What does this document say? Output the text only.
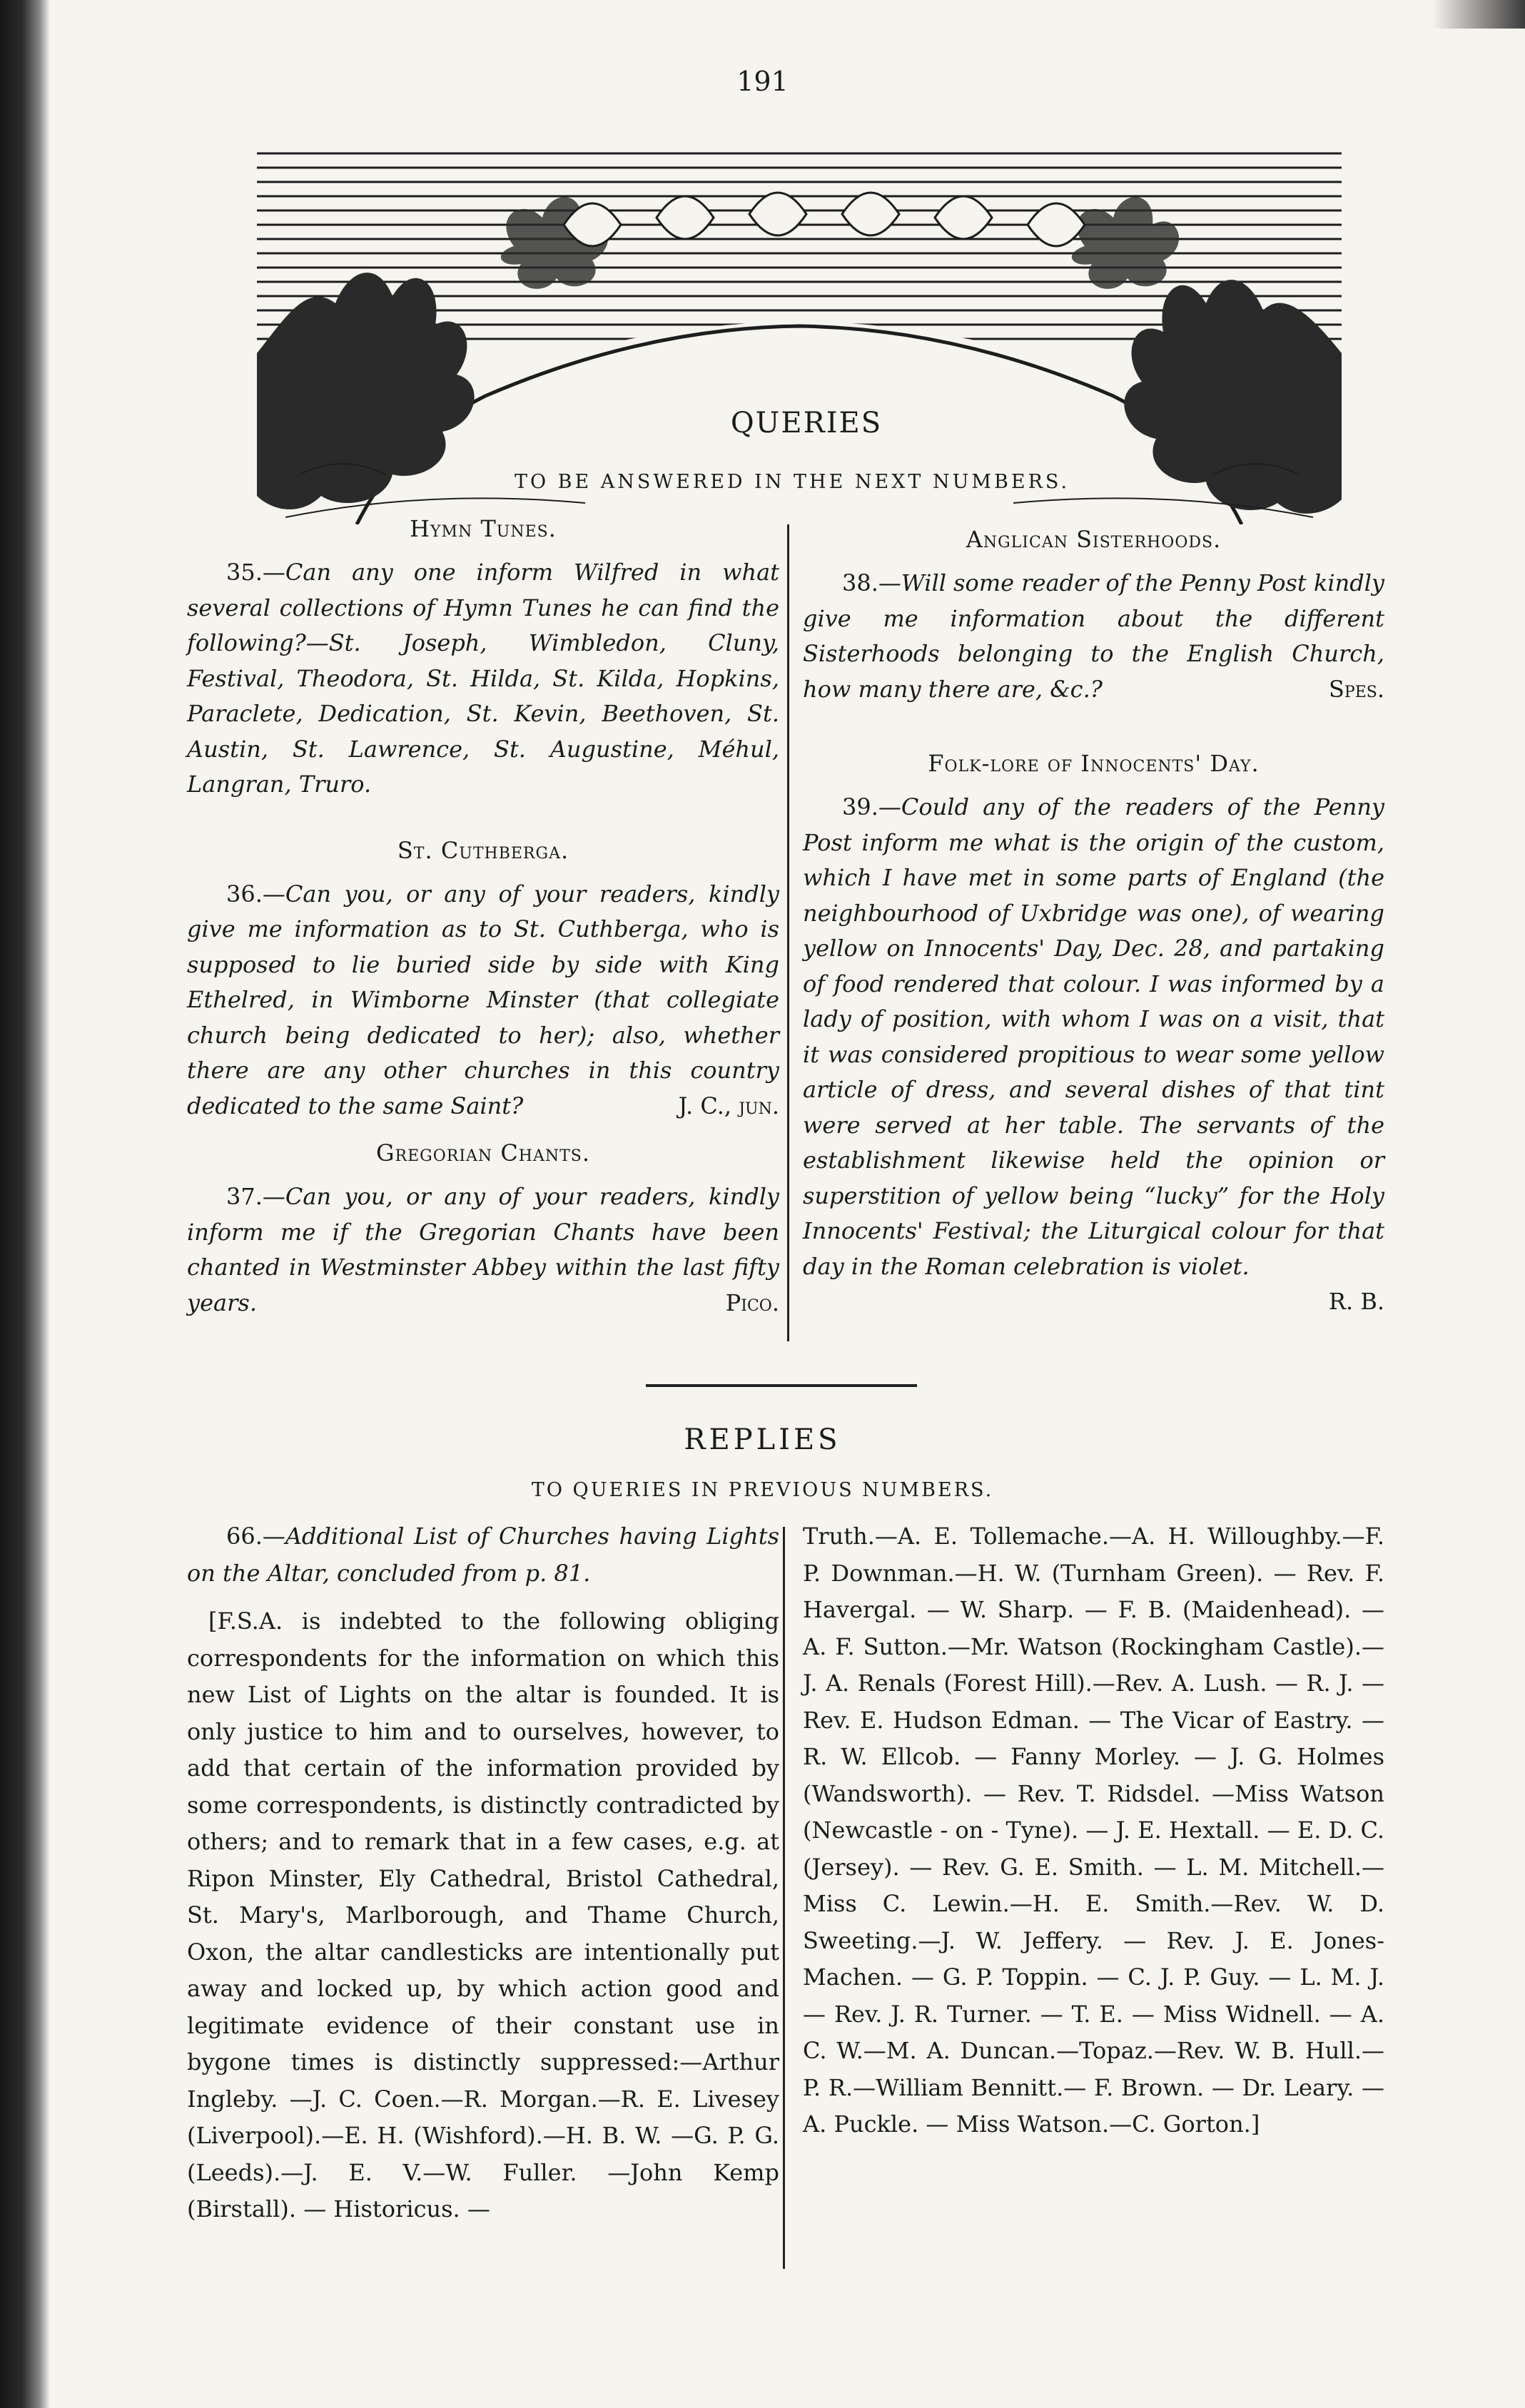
191
QUERIES
TO BE ANSWERED IN THE NEXT NUMBERS.
Hymn Tunes.

35.—Can any one inform Wilfred in what several collections of Hymn Tunes he can find the following?—St. Joseph, Wimbledon, Cluny, Festival, Theodora, St. Hilda, St. Kilda, Hopkins, Paraclete, Dedication, St. Kevin, Beethoven, St. Austin, St. Lawrence, St. Augustine, Méhul, Langran, Truro.

St. Cuthberga.

36.—Can you, or any of your readers, kindly give me information as to St. Cuthberga, who is supposed to lie buried side by side with King Ethelred, in Wimborne Minster (that collegiate church being dedicated to her); also, whether there are any other churches in this country dedicated to the same Saint?	J. C., jun.

Gregorian Chants.

37.—Can you, or any of your readers, kindly inform me if the Gregorian Chants have been chanted in Westminster Abbey within the last fifty years.	Pico.

Anglican Sisterhoods.

38.—Will some reader of the Penny Post kindly give me information about the different Sisterhoods belonging to the English Church, how many there are, &c.?	Spes.

Folk-lore of Innocents' Day.

39.—Could any of the readers of the Penny Post inform me what is the origin of the custom, which I have met in some parts of England (the neighbourhood of Uxbridge was one), of wearing yellow on Innocents' Day, Dec. 28, and partaking of food rendered that colour. I was informed by a lady of position, with whom I was on a visit, that it was considered propitious to wear some yellow article of dress, and several dishes of that tint were served at her table. The servants of the establishment likewise held the opinion or superstition of yellow being “lucky” for the Holy Innocents' Festival; the Liturgical colour for that day in the Roman celebration is violet.

R. B.

REPLIES
TO QUERIES IN PREVIOUS NUMBERS.

66.—Additional List of Churches having Lights on the Altar, concluded from p. 81.

[F.S.A. is indebted to the following obliging correspondents for the information on which this new List of Lights on the altar is founded. It is only justice to him and to ourselves, however, to add that certain of the information provided by some correspondents, is distinctly contradicted by others; and to remark that in a few cases, e.g. at Ripon Minster, Ely Cathedral, Bristol Cathedral, St. Mary's, Marlborough, and Thame Church, Oxon, the altar candlesticks are intentionally put away and locked up, by which action good and legitimate evidence of their constant use in bygone times is distinctly suppressed:—Arthur Ingleby. —J. C. Coen.—R. Morgan.—R. E. Livesey (Liverpool).—E. H. (Wishford).—H. B. W. —G. P. G. (Leeds).—J. E. V.—W. Fuller. —John Kemp (Birstall). — Historicus. —

Truth.—A. E. Tollemache.—A. H. Willoughby.—F. P. Downman.—H. W. (Turnham Green). — Rev. F. Havergal. — W. Sharp. — F. B. (Maidenhead). — A. F. Sutton.—Mr. Watson (Rockingham Castle).— J. A. Renals (Forest Hill).—Rev. A. Lush. — R. J. — Rev. E. Hudson Edman. — The Vicar of Eastry. — R. W. Ellcob. — Fanny Morley. — J. G. Holmes (Wandsworth). — Rev. T. Ridsdel. —Miss Watson (Newcastle - on - Tyne). — J. E. Hextall. — E. D. C. (Jersey). — Rev. G. E. Smith. — L. M. Mitchell.—Miss C. Lewin.—H. E. Smith.—Rev. W. D. Sweeting.—J. W. Jeffery. — Rev. J. E. Jones-Machen. — G. P. Toppin. — C. J. P. Guy. — L. M. J. — Rev. J. R. Turner. — T. E. — Miss Widnell. — A. C. W.—M. A. Duncan.—Topaz.—Rev. W. B. Hull.—P. R.—William Bennitt.— F. Brown. — Dr. Leary. — A. Puckle. — Miss Watson.—C. Gorton.]
